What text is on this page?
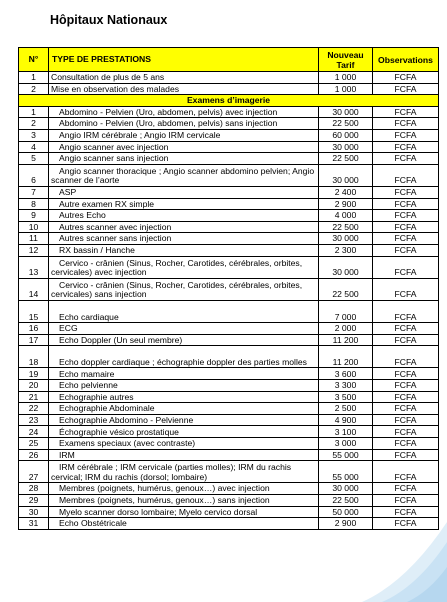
Hôpitaux Nationaux
N°	TYPE DE PRESTATIONS	Nouveau Tarif	Observations
1	Consultation de plus de 5 ans	1 000	FCFA
2	Mise en observation des malades	1 000	FCFA
Examens d’imagerie			
1	Abdomino - Pelvien (Uro, abdomen, pelvis) avec injection	30 000	FCFA
2	Abdomino - Pelvien (Uro, abdomen, pelvis) sans injection	22 500	FCFA
3	Angio IRM cérébrale ; Angio IRM cervicale	60 000	FCFA
4	Angio scanner avec injection	30 000	FCFA
5	Angio scanner sans injection	22 500	FCFA
6	Angio scanner thoracique ; Angio scanner abdomino pelvien; Angio scanner de l’aorte	30 000	FCFA
7	ASP	2 400	FCFA
8	Autre examen RX simple	2 900	FCFA
9	Autres Echo	4 000	FCFA
10	Autres scanner avec injection	22 500	FCFA
11	Autres scanner sans injection	30 000	FCFA
12	RX bassin / Hanche	2 300	FCFA
13	Cervico - crânien (Sinus, Rocher, Carotides, cérébrales, orbites, cervicales) avec injection	30 000	FCFA
14	Cervico - crânien (Sinus, Rocher, Carotides, cérébrales, orbites, cervicales) sans injection	22 500	FCFA
15	Echo cardiaque	7 000	FCFA
16	ECG	2 000	FCFA
17	Echo Doppler (Un seul membre)	11 200	FCFA
18	Echo doppler cardiaque ; échographie doppler des parties molles	11 200	FCFA
19	Echo mamaire	3 600	FCFA
20	Echo pelvienne	3 300	FCFA
21	Echographie autres	3 500	FCFA
22	Echographie Abdominale	2 500	FCFA
23	Echographie Abdomino - Pelvienne	4 900	FCFA
24	Échographie vésico prostatique	3 100	FCFA
25	Examens speciaux (avec contraste)	3 000	FCFA
26	IRM	55 000	FCFA
27	IRM cérébrale ; IRM cervicale (parties molles); IRM du rachis cervical; IRM du rachis (dorsol; lombaire)	55 000	FCFA
28	Membres (poignets, humérus, genoux…) avec injection	30 000	FCFA
29	Membres (poignets, humérus, genoux…) sans injection	22 500	FCFA
30	Myelo scanner dorso lombaire; Myelo cervico dorsal	50 000	FCFA
31	Echo Obstétricale	2 900	FCFA
